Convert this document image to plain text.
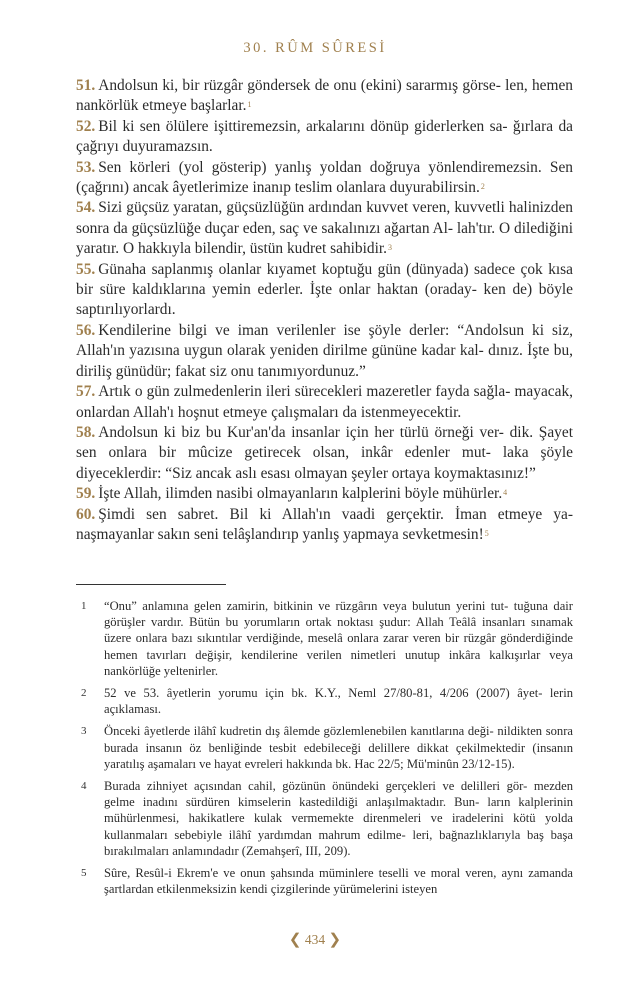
30. RÛM SÛRESİ

51. Andolsun ki, bir rüzgâr göndersek de onu (ekini) sararmış görse- len, hemen nankörlük etmeye başlarlar.$^1$

52. Bil ki sen ölülere işittiremezsin, arkalarını dönüp giderlerken sa- ğırlara da çağrıyı duyuramazsın.

53. Sen körleri (yol gösterip) yanlış yoldan doğruya yönlendiremezsin. Sen (çağrını) ancak âyetlerimize inanıp teslim olanlara duyurabilirsin.$^2$

54. Sizi güçsüz yaratan, güçsüzlüğün ardından kuvvet veren, kuvvetli halinizden sonra da güçsüzlüğe duçar eden, saç ve sakalınızı ağartan Al- lah'tır. O dilediğini yaratır. O hakkıyla bilendir, üstün kudret sahibidir.$^3$

55. Günaha saplanmış olanlar kıyamet koptuğu gün (dünyada) sadece çok kısa bir süre kaldıklarına yemin ederler. İşte onlar haktan (oraday- ken de) böyle saptırılıyorlardı.

56. Kendilerine bilgi ve iman verilenler ise şöyle derler: “Andolsun ki siz, Allah'ın yazısına uygun olarak yeniden dirilme gününe kadar kal- dınız. İşte bu, diriliş günüdür; fakat siz onu tanımıyordunuz.”

57. Artık o gün zulmedenlerin ileri sürecekleri mazeretler fayda sağla- mayacak, onlardan Allah'ı hoşnut etmeye çalışmaları da istenmeyecektir.

58. Andolsun ki biz bu Kur'an'da insanlar için her türlü örneği ver- dik. Şayet sen onlara bir mûcize getirecek olsan, inkâr edenler mut- laka şöyle diyeceklerdir: “Siz ancak aslı esası olmayan şeyler ortaya koymaktasınız!”

59. İşte Allah, ilimden nasibi olmayanların kalplerini böyle mühürler.$^4$

60. Şimdi sen sabret. Bil ki Allah'ın vaadi gerçektir. İman etmeye ya- naşmayanlar sakın seni telâşlandırıp yanlış yapmaya sevketmesin!$^5$

1 “Onu” anlamına gelen zamirin, bitkinin ve rüzgârın veya bulutun yerini tut- tuğuna dair görüşler vardır. Bütün bu yorumların ortak noktası şudur: Allah Teâlâ insanları sınamak üzere onlara bazı sıkıntılar verdiğinde, meselâ onlara zarar veren bir rüzgâr gönderdiğinde hemen tavırları değişir, kendilerine verilen nimetleri unutup inkâra kalkışırlar veya nankörlüğe yeltenirler.
2 52 ve 53. âyetlerin yorumu için bk. K.Y., Neml 27/80-81, 4/206 (2007) âyet- lerin açıklaması.
3 Önceki âyetlerde ilâhî kudretin dış âlemde gözlemlenebilen kanıtlarına deği- nildikten sonra burada insanın öz benliğinde tesbit edebileceği delillere dikkat çekilmektedir (insanın yaratılış aşamaları ve hayat evreleri hakkında bk. Hac 22/5; Mü'minûn 23/12-15).
4 Burada zihniyet açısından cahil, gözünün önündeki gerçekleri ve delilleri gör- mezden gelme inadını sürdüren kimselerin kastedildiği anlaşılmaktadır. Bun- ların kalplerinin mühürlenmesi, hakikatlere kulak vermemekte direnmeleri ve iradelerini kötü yolda kullanmaları sebebiyle ilâhî yardımdan mahrum edilme- leri, bağnazlıklarıyla baş başa bırakılmaları anlamındadır (Zemahşerî, III, 209).
5 Sûre, Resûl-i Ekrem'e ve onun şahsında müminlere teselli ve moral veren, aynı zamanda şartlardan etkilenmeksizin kendi çizgilerinde yürümelerini isteyen
❮ 434 ❯
